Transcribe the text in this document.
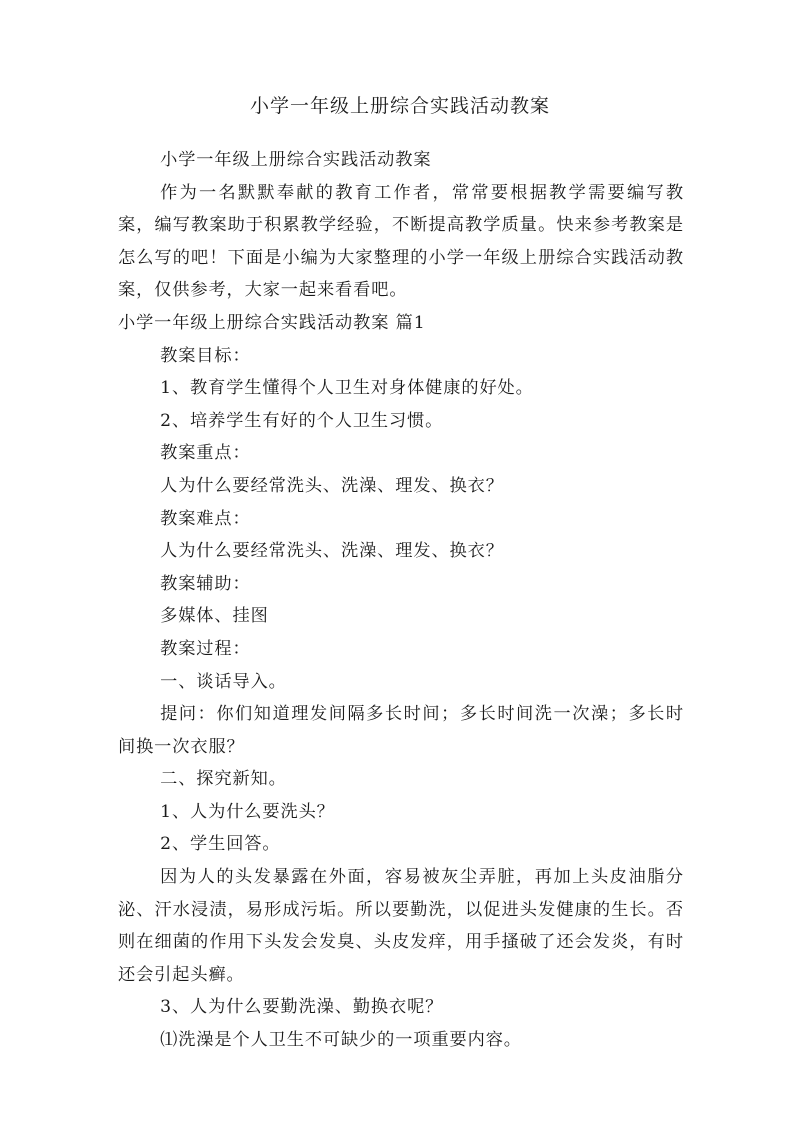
小学一年级上册综合实践活动教案

小学一年级上册综合实践活动教案

作为一名默默奉献的教育工作者，常常要根据教学需要编写教案，编写教案助于积累教学经验，不断提高教学质量。快来参考教案是怎么写的吧！下面是小编为大家整理的小学一年级上册综合实践活动教案，仅供参考，大家一起来看看吧。

小学一年级上册综合实践活动教案 篇1

教案目标：

1、教育学生懂得个人卫生对身体健康的好处。

2、培养学生有好的个人卫生习惯。

教案重点：

人为什么要经常洗头、洗澡、理发、换衣？

教案难点：

人为什么要经常洗头、洗澡、理发、换衣？

教案辅助：

多媒体、挂图

教案过程：

一、谈话导入。

提问：你们知道理发间隔多长时间；多长时间洗一次澡；多长时间换一次衣服？

二、探究新知。

1、人为什么要洗头？

2、学生回答。

因为人的头发暴露在外面，容易被灰尘弄脏，再加上头皮油脂分泌、汗水浸渍，易形成污垢。所以要勤洗，以促进头发健康的生长。否则在细菌的作用下头发会发臭、头皮发痒，用手搔破了还会发炎，有时还会引起头癣。

3、人为什么要勤洗澡、勤换衣呢？

⑴洗澡是个人卫生不可缺少的一项重要内容。
